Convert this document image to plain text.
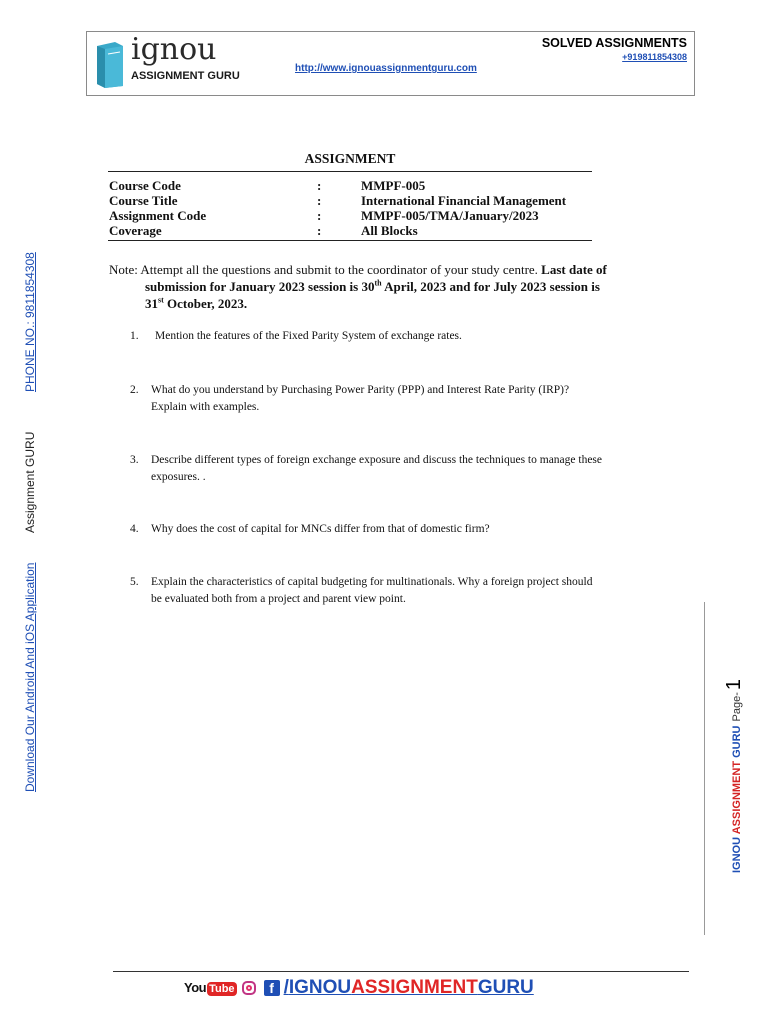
ignou
ASSIGNMENT GURU
http://www.ignouassignmentguru.com
SOLVED ASSIGNMENTS
+919811854308
ASSIGNMENT
Course Code	:	MMPF-005
Course Title	:	International Financial Management
Assignment Code	:	MMPF-005/TMA/January/2023
Coverage	:	All Blocks
Note: Attempt all the questions and submit to the coordinator of your study centre. Last date of
submission for January 2023 session is 30th April, 2023 and for July 2023 session is
31st October, 2023.
1. Mention the features of the Fixed Parity System of exchange rates.
2. What do you understand by Purchasing Power Parity (PPP) and Interest Rate Parity (IRP)?
Explain with examples.
3. Describe different types of foreign exchange exposure and discuss the techniques to manage these
exposures. .
4. Why does the cost of capital for MNCs differ from that of domestic firm?
5. Explain the characteristics of capital budgeting for multinationals. Why a foreign project should
be evaluated both from a project and parent view point.
PHONE NO.: 9811854308
Assignment GURU
Download Our Android And iOS Application
IGNOU ASSIGNMENT GURUPage-1
You Tube	f /IGNOUASSIGNMENTGURU
